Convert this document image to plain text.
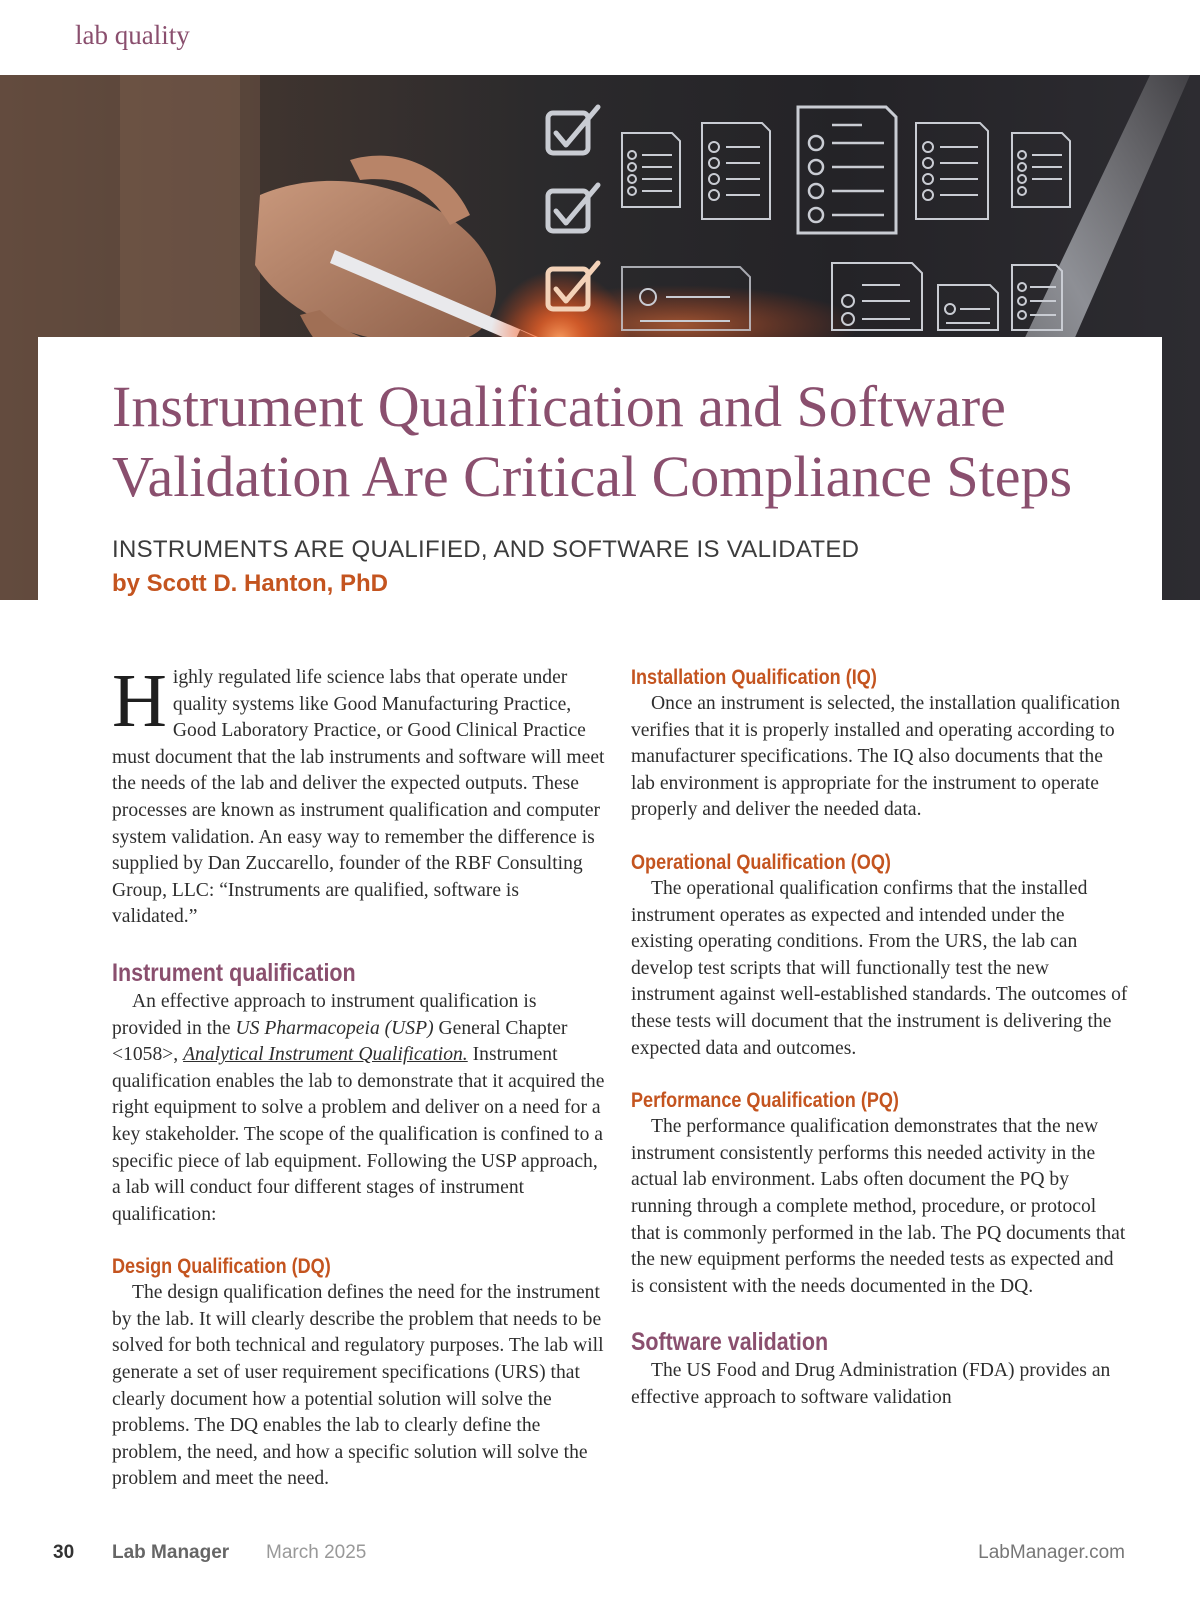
lab quality
Instrument Qualification and Software
Validation Are Critical Compliance Steps

INSTRUMENTS ARE QUALIFIED, AND SOFTWARE IS VALIDATED

by Scott D. Hanton, PhD

Highly regulated life science labs that operate under quality systems like Good Manufacturing Practice, Good Laboratory Practice, or Good Clinical Practice must document that the lab instruments and software will meet the needs of the lab and deliver the expected outputs. These processes are known as instrument qualification and computer system validation. An easy way to remember the difference is supplied by Dan Zuccarello, founder of the RBF Consulting Group, LLC: “Instruments are qualified, software is validated.”

Instrument qualification

An effective approach to instrument qualification is provided in the US Pharmacopeia (USP) General Chapter <1058>, Analytical Instrument Qualification. Instrument qualification enables the lab to demonstrate that it acquired the right equipment to solve a problem and deliver on a need for a key stakeholder. The scope of the qualification is confined to a specific piece of lab equipment. Following the USP approach, a lab will conduct four different stages of instrument qualification:

Design Qualification (DQ)

The design qualification defines the need for the instrument by the lab. It will clearly describe the problem that needs to be solved for both technical and regulatory purposes. The lab will generate a set of user requirement specifications (URS) that clearly document how a potential solution will solve the problems. The DQ enables the lab to clearly define the problem, the need, and how a specific solution will solve the problem and meet the need.

Installation Qualification (IQ)

Once an instrument is selected, the installation qualification verifies that it is properly installed and operating according to manufacturer specifications. The IQ also documents that the lab environment is appropriate for the instrument to operate properly and deliver the needed data.

Operational Qualification (OQ)

The operational qualification confirms that the installed instrument operates as expected and intended under the existing operating conditions. From the URS, the lab can develop test scripts that will functionally test the new instrument against well-established standards. The outcomes of these tests will document that the instrument is delivering the expected data and outcomes.

Performance Qualification (PQ)

The performance qualification demonstrates that the new instrument consistently performs this needed activity in the actual lab environment. Labs often document the PQ by running through a complete method, procedure, or protocol that is commonly performed in the lab. The PQ documents that the new equipment performs the needed tests as expected and is consistent with the needs documented in the DQ.

Software validation

The US Food and Drug Administration (FDA) provides an effective approach to software validation

30 Lab Manager March 2025	LabManager.com
